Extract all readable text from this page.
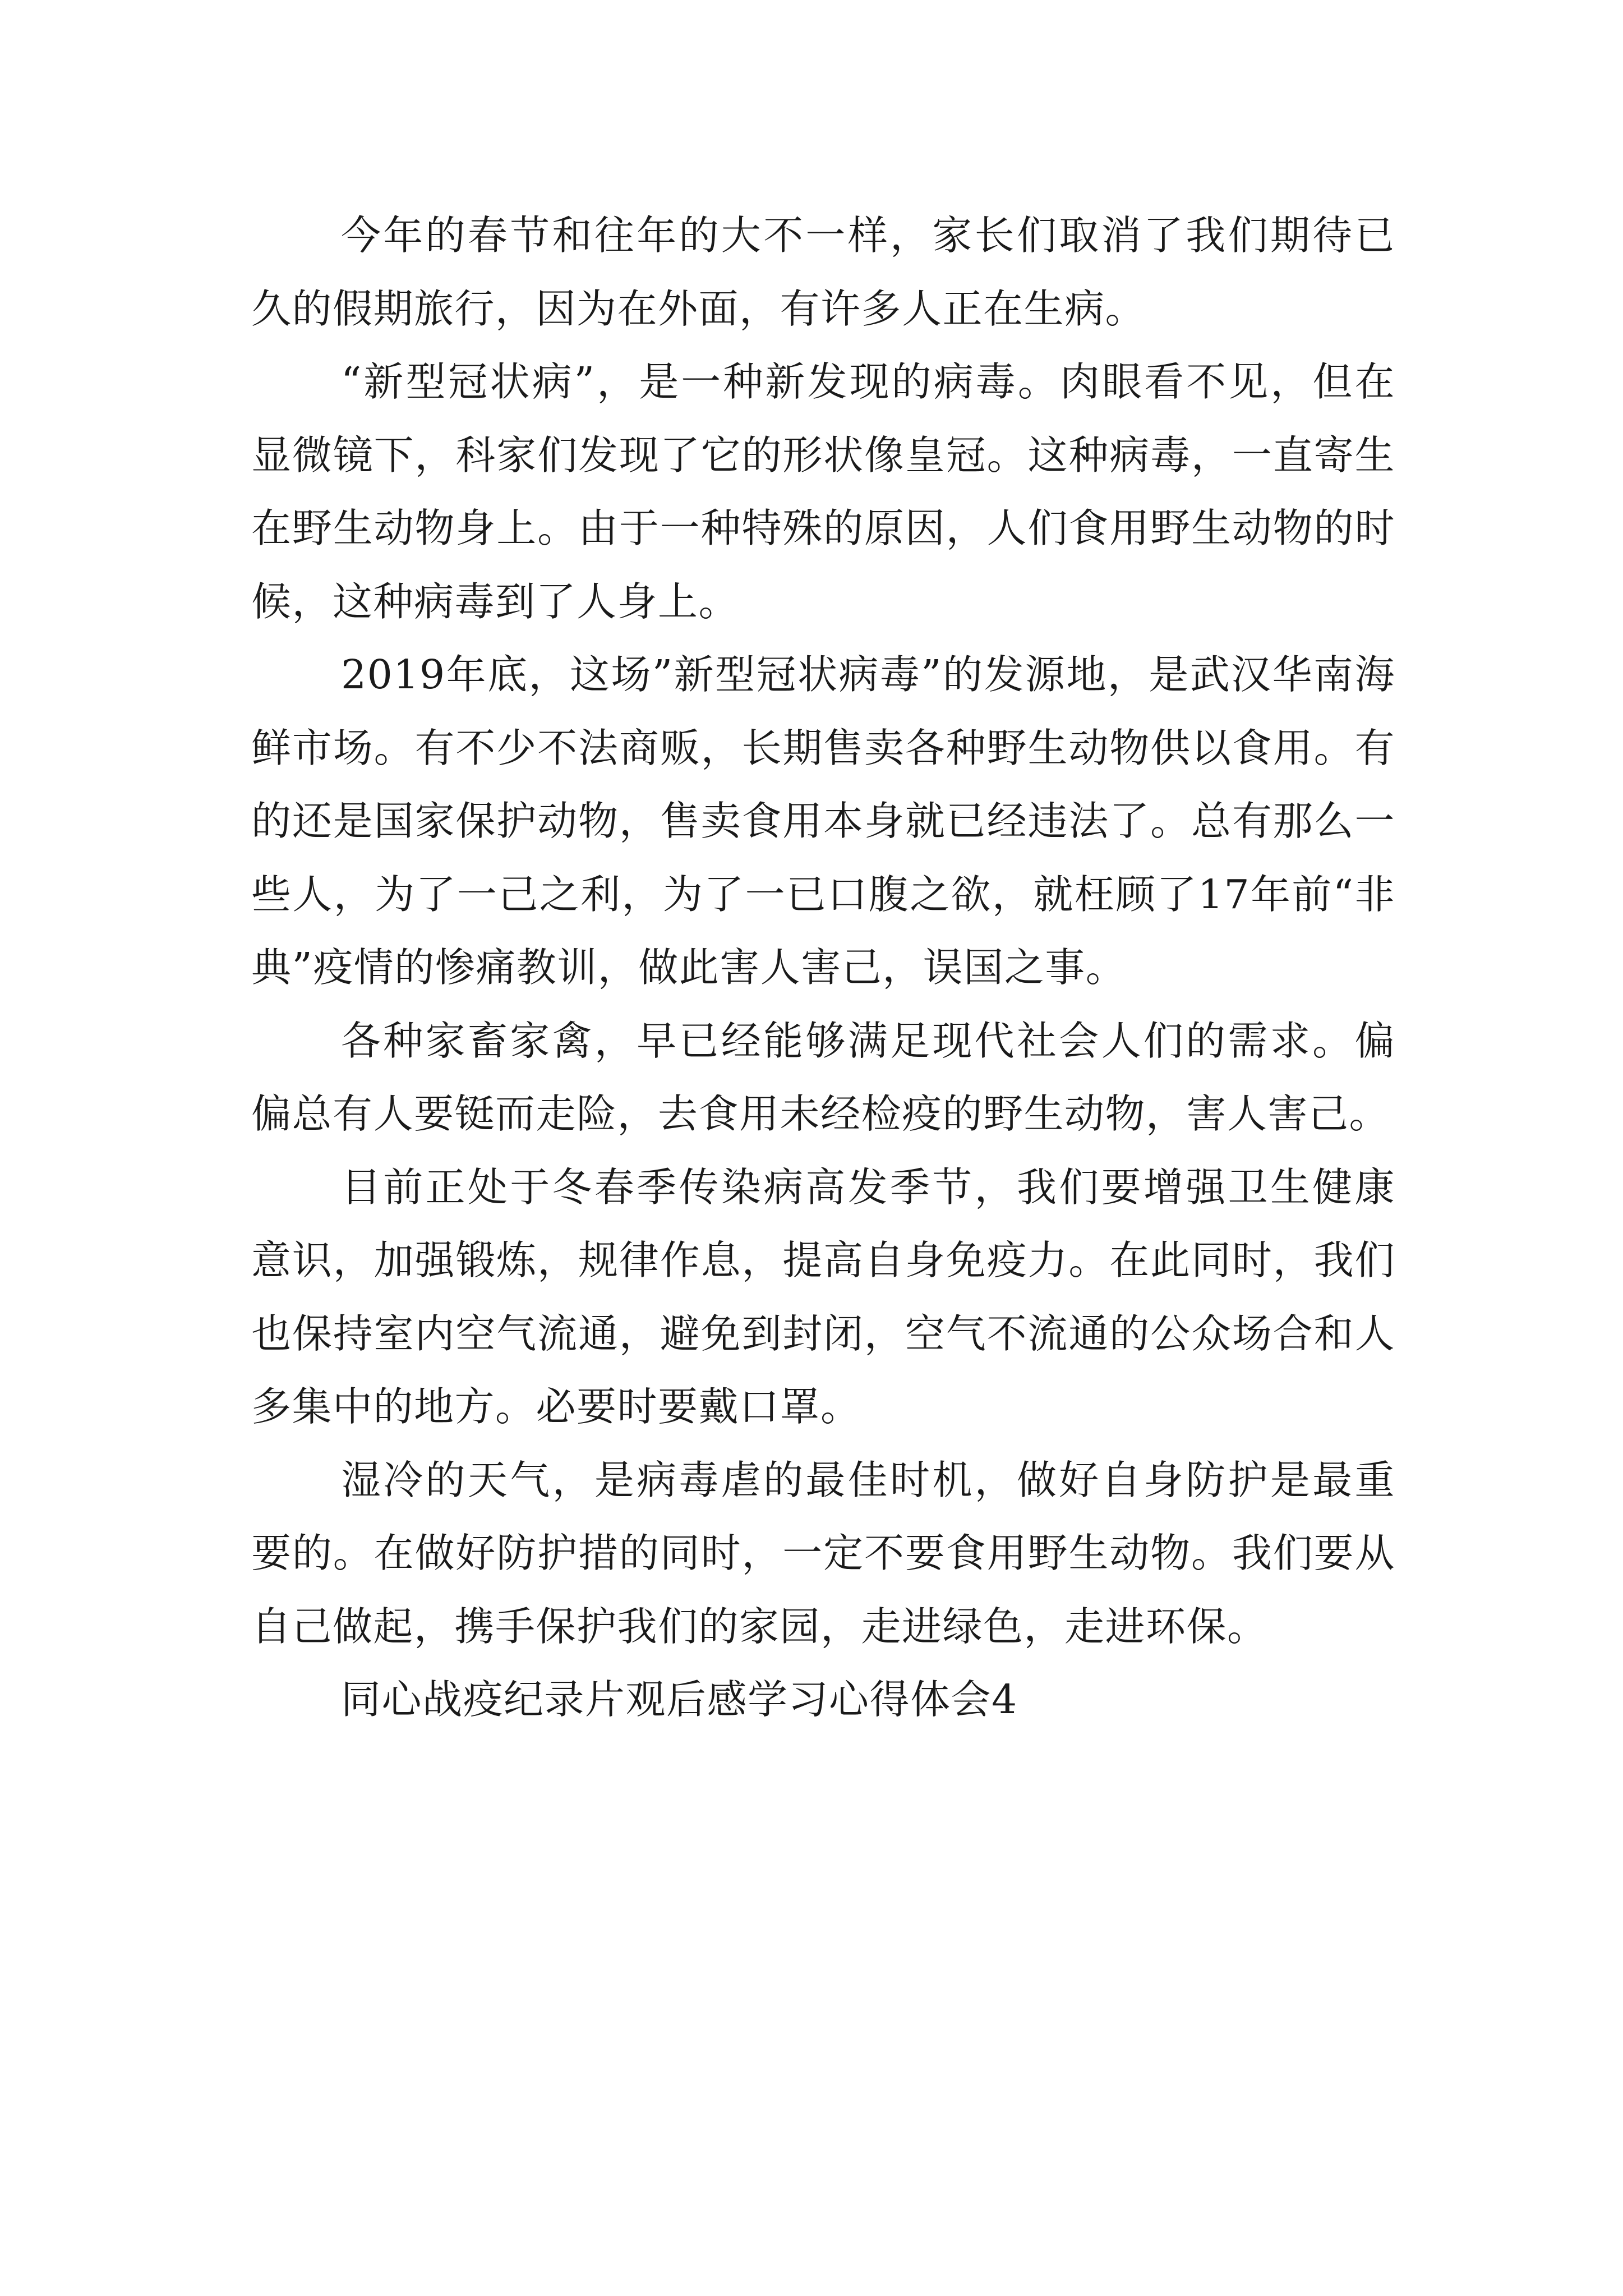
今年的春节和往年的大不一样，家长们取消了我们期待已久的假期旅行，因为在外面，有许多人正在生病。

“新型冠状病”，是一种新发现的病毒。肉眼看不见，但在显微镜下，科家们发现了它的形状像皇冠。这种病毒，一直寄生在野生动物身上。由于一种特殊的原因，人们食用野生动物的时候，这种病毒到了人身上。

2019年底，这场”新型冠状病毒”的发源地，是武汉华南海鲜市场。有不少不法商贩，长期售卖各种野生动物供以食用。有的还是国家保护动物，售卖食用本身就已经违法了。总有那么一些人，为了一己之利，为了一已口腹之欲，就枉顾了17年前“非典”疫情的惨痛教训，做此害人害己，误国之事。

各种家畜家禽，早已经能够满足现代社会人们的需求。偏偏总有人要铤而走险，去食用未经检疫的野生动物，害人害己。

目前正处于冬春季传染病高发季节，我们要增强卫生健康意识，加强锻炼，规律作息，提高自身免疫力。在此同时，我们也保持室内空气流通，避免到封闭，空气不流通的公众场合和人多集中的地方。必要时要戴口罩。

湿冷的天气，是病毒虐的最佳时机，做好自身防护是最重要的。在做好防护措的同时，一定不要食用野生动物。我们要从自己做起，携手保护我们的家园，走进绿色，走进环保。

同心战疫纪录片观后感学习心得体会4
